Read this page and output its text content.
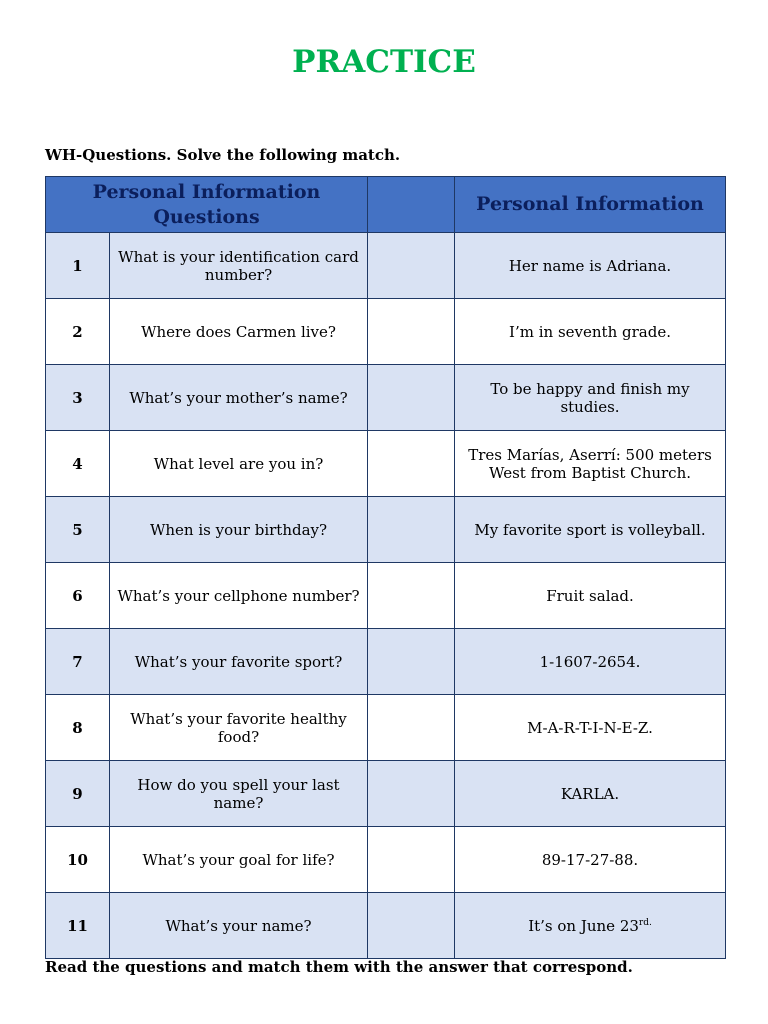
PRACTICE
WH-Questions. Solve the following match.
Personal Information Questions			Personal Information
1	What is your identification card number?		Her name is Adriana.
2	Where does Carmen live?		I’m in seventh grade.
3	What’s your mother’s name?		To be happy and finish my studies.
4	What level are you in?		Tres Marías, Aserrí: 500 meters West from Baptist Church.
5	When is your birthday?		My favorite sport is volleyball.
6	What’s your cellphone number?		Fruit salad.
7	What’s your favorite sport?		1-1607-2654.
8	What’s your favorite healthy food?		M-A-R-T-I-N-E-Z.
9	How do you spell your last name?		KARLA.
10	What’s your goal for life?		89-17-27-88.
11	What’s your name?		It’s on June $23^{rd.}$
Read the questions and match them with the answer that correspond.
